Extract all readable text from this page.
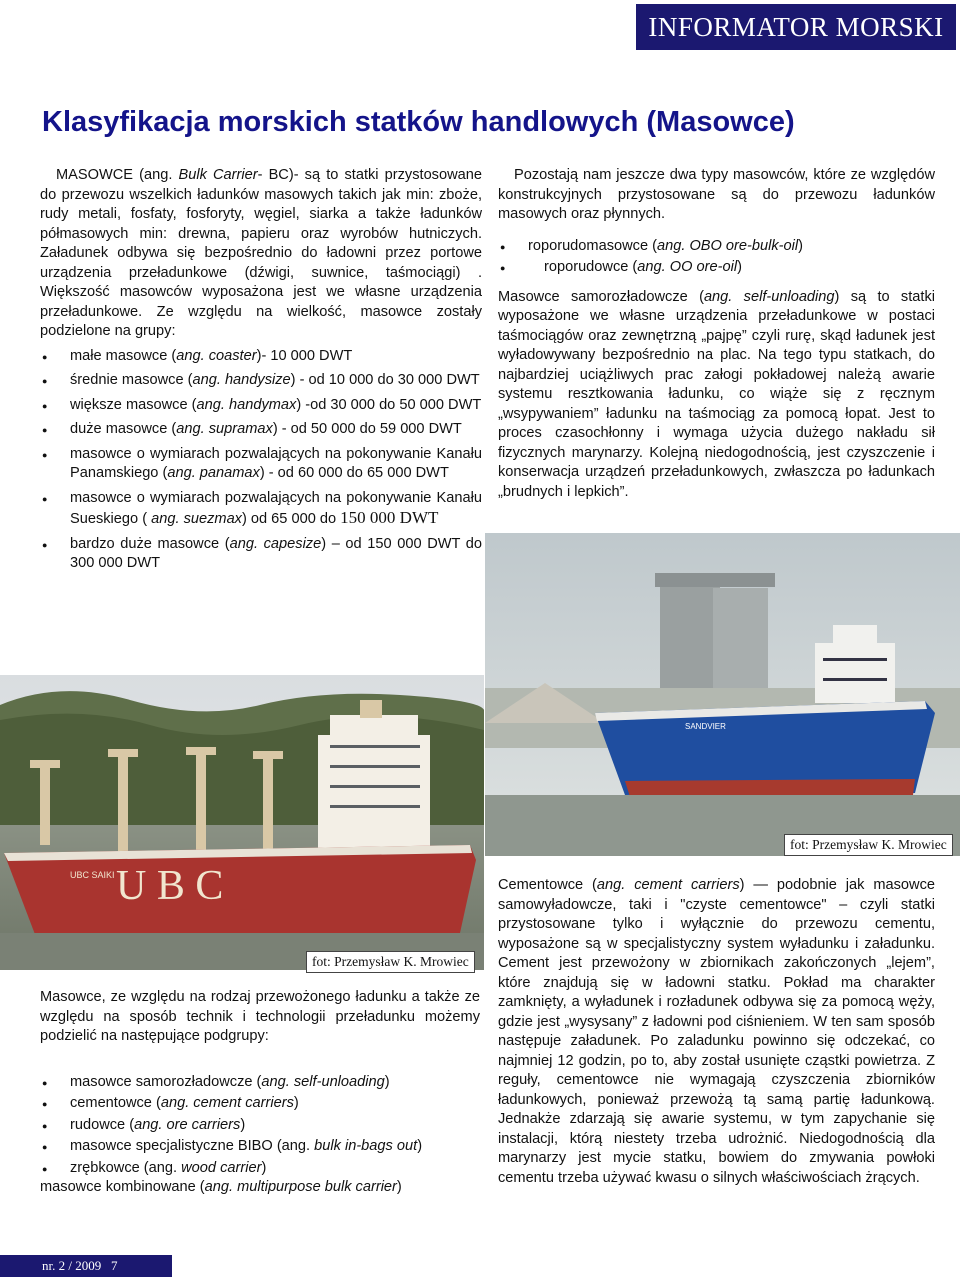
INFORMATOR MORSKI
Klasyfikacja morskich statków handlowych (Masowce)

MASOWCE (ang. Bulk Carrier- BC)- są to statki przystosowane do przewozu wszelkich ładunków masowych takich jak min: zboże, rudy metali, fosfaty, fosforyty, węgiel, siarka a także ładunków półmasowych min: drewna, papieru oraz wyrobów hutniczych. Załadunek odbywa się bezpośrednio do ładowni przez portowe urządzenia przeładunkowe (dźwigi, suwnice, taśmociągi) . Większość masowców wyposażona jest we własne urządzenia przeładunkowe. Ze względu na wielkość, masowce zostały podzielone na grupy:

● małe masowce (ang. coaster)- 10 000 DWT
● średnie masowce (ang. handysize) - od 10 000 do 30 000 DWT
● większe masowce (ang. handymax) -od 30 000 do 50 000 DWT
● duże masowce (ang. supramax) - od 50 000 do 59 000 DWT
● masowce o wymiarach pozwalających na pokonywanie Kanału Panamskiego (ang. panamax) - od 60 000 do 65 000 DWT
● masowce o wymiarach pozwalających na pokonywanie Kanału Sueskiego ( ang. suezmax) od 65 000 do 150 000 DWT
● bardzo duże masowce (ang. capesize) – od 150 000 DWT do 300 000 DWT

Pozostają nam jeszcze dwa typy masowców, które ze względów konstrukcyjnych przystosowane są do przewozu ładunków masowych oraz płynnych.

● roporudomasowce (ang. OBO ore-bulk-oil)
● roporudowce (ang. OO ore-oil)

Masowce samorozładowcze (ang. self-unloading) są to statki wyposażone we własne urządzenia przeładunkowe w postaci taśmociągów oraz zewnętrzną „pajpę” czyli rurę, skąd ładunek jest wyładowywany bezpośrednio na plac. Na tego typu statkach, do najbardziej uciążliwych prac załogi pokładowej należą awarie systemu resztkowania ładunku, co wiąże się z ręcznym „wsypywaniem” ładunku na taśmociąg za pomocą łopat. Jest to proces czasochłonny i wymaga użycia dużego nakładu sił fizycznych marynarzy. Kolejną niedogodnością, jest czyszczenie i konserwacja urządzeń przeładunkowych, zwłaszcza po ładunkach „brudnych i lepkich”.

U B C
UBC SAIKI
fot: Przemysław K. Mrowiec
SANDVIER
fot: Przemysław K. Mrowiec

Masowce, ze względu na rodzaj przewożonego ładunku a także ze względu na sposób technik i technologii przeładunku możemy podzielić na następujące podgrupy:

● masowce samorozładowcze (ang. self-unloading)
● cementowce (ang. cement carriers)
● rudowce (ang. ore carriers)
● masowce specjalistyczne BIBO (ang. bulk in-bags out)
● zrębkowce (ang. wood carrier)

masowce kombinowane (ang. multipurpose bulk carrier)

Cementowce (ang. cement carriers) — podobnie jak masowce samowyładowcze, taki i "czyste cementowce" – czyli statki przystosowane tylko i wyłącznie do przewozu cementu, wyposażone są w specjalistyczny system wyładunku i załadunku. Cement jest przewożony w zbiornikach zakończonych „lejem”, które znajdują się w ładowni statku. Pokład ma charakter zamknięty, a wyładunek i rozładunek odbywa się za pomocą węży, gdzie jest „wysysany” z ładowni pod ciśnieniem. W ten sam sposób następuje załadunek. Po zaladunku powinno się odczekać, co najmniej 12 godzin, po to, aby został usunięte cząstki powietrza. Z reguły, cementowce nie wymagają czyszczenia zbiorników ładunkowych, ponieważ przewożą tą samą partię ładunkową. Jednakże zdarzają się awarie systemu, w tym zapychanie się instalacji, którą niestety trzeba udrożnić. Niedogodnością dla marynarzy jest mycie statku, bowiem do zmywania powłoki cementu trzeba używać kwasu o silnych właściwościach żrących.

nr. 2 / 2009   7
